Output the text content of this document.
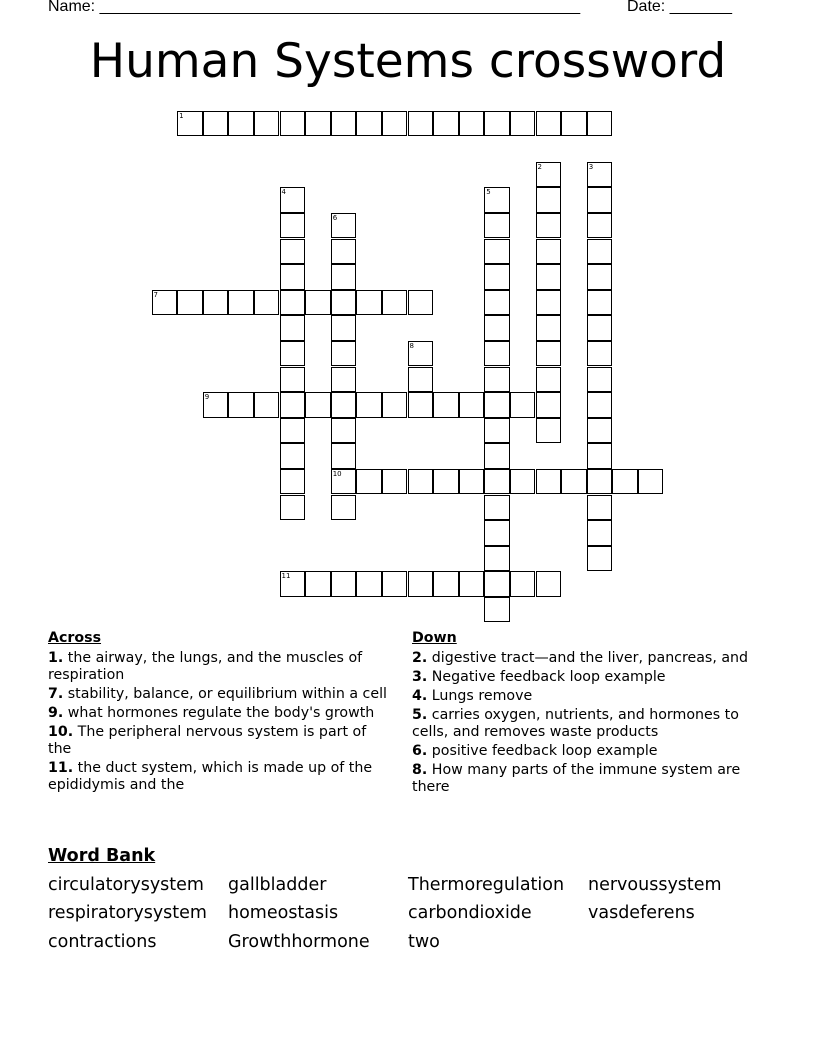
Name: ______________________________________________________	Date: _______
Human Systems crossword
1
2	3
4	5
6
10
7
8
9
11
Across
1. the airway, the lungs, and the muscles of respiration
7. stability, balance, or equilibrium within a cell
9. what hormones regulate the body's growth
10. The peripheral nervous system is part of the
11. the duct system, which is made up of the epididymis and the
Down
2. digestive tract—and the liver, pancreas, and
3. Negative feedback loop example
4. Lungs remove
5. carries oxygen, nutrients, and hormones to cells, and removes waste products
6. positive feedback loop example
8. How many parts of the immune system are there
Word Bank
circulatorysystem gallbladder	Thermoregulation nervoussystem
respiratorysystem homeostasis	carbondioxide	vasdeferens
contractions	Growthhormone two
